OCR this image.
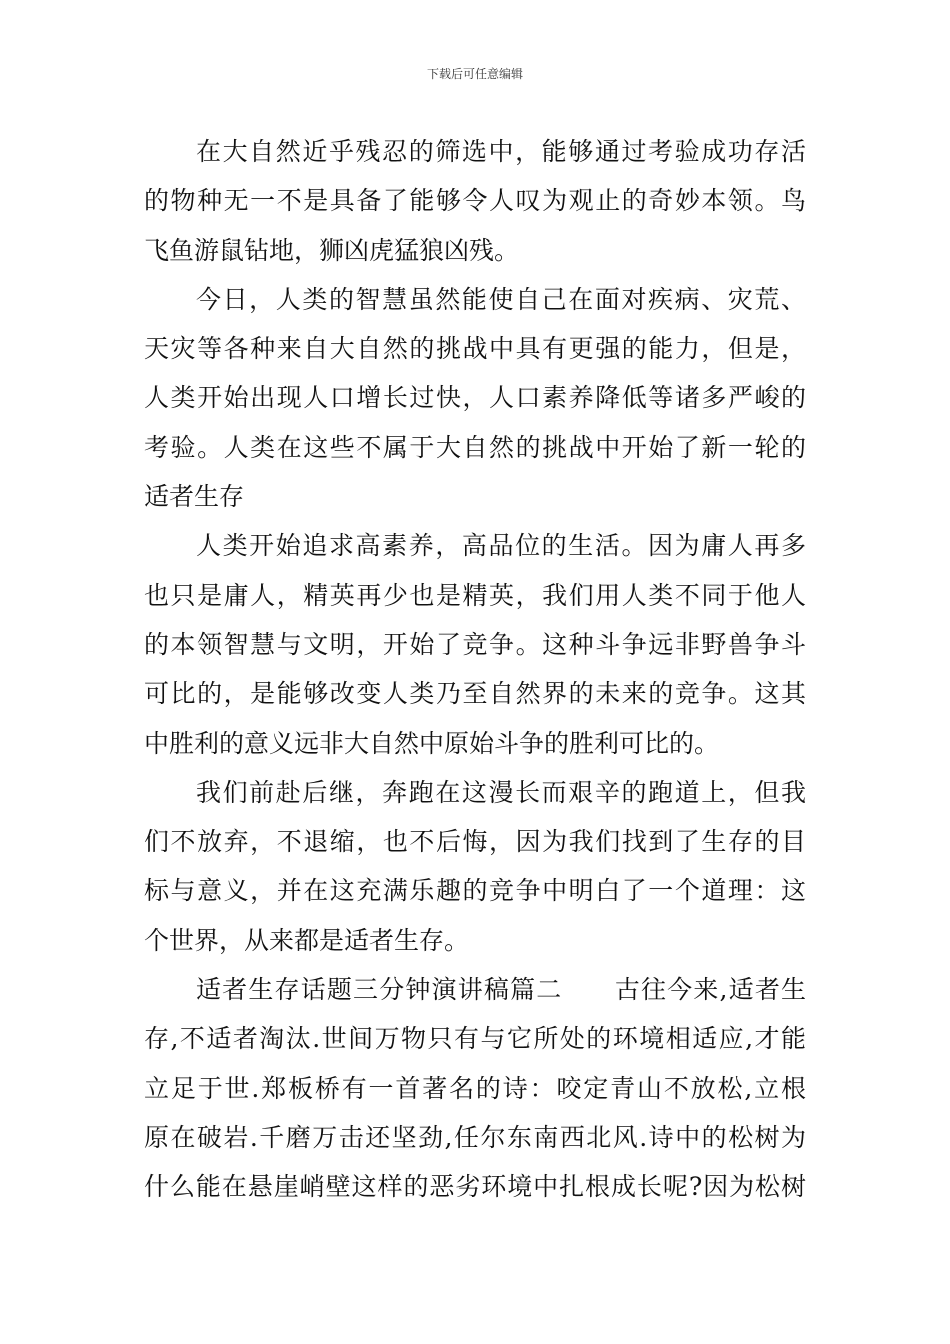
下载后可任意编辑
在大自然近乎残忍的筛选中，能够通过考验成功存活
的物种无一不是具备了能够令人叹为观止的奇妙本领。鸟
飞鱼游鼠钻地，狮凶虎猛狼凶残。
今日，人类的智慧虽然能使自己在面对疾病、灾荒、
天灾等各种来自大自然的挑战中具有更强的能力，但是，
人类开始出现人口增长过快，人口素养降低等诸多严峻的
考验。人类在这些不属于大自然的挑战中开始了新一轮的
适者生存
人类开始追求高素养，高品位的生活。因为庸人再多
也只是庸人，精英再少也是精英，我们用人类不同于他人
的本领智慧与文明，开始了竞争。这种斗争远非野兽争斗
可比的，是能够改变人类乃至自然界的未来的竞争。这其
中胜利的意义远非大自然中原始斗争的胜利可比的。
我们前赴后继，奔跑在这漫长而艰辛的跑道上，但我
们不放弃，不退缩，也不后悔，因为我们找到了生存的目
标与意义，并在这充满乐趣的竞争中明白了一个道理：这
个世界，从来都是适者生存。
适者生存话题三分钟演讲稿篇二　　古往今来,适者生
存,不适者淘汰.世间万物只有与它所处的环境相适应,才能
立足于世.郑板桥有一首著名的诗：咬定青山不放松,立根
原在破岩.千磨万击还坚劲,任尔东南西北风.诗中的松树为
什么能在悬崖峭壁这样的恶劣环境中扎根成长呢?因为松树
